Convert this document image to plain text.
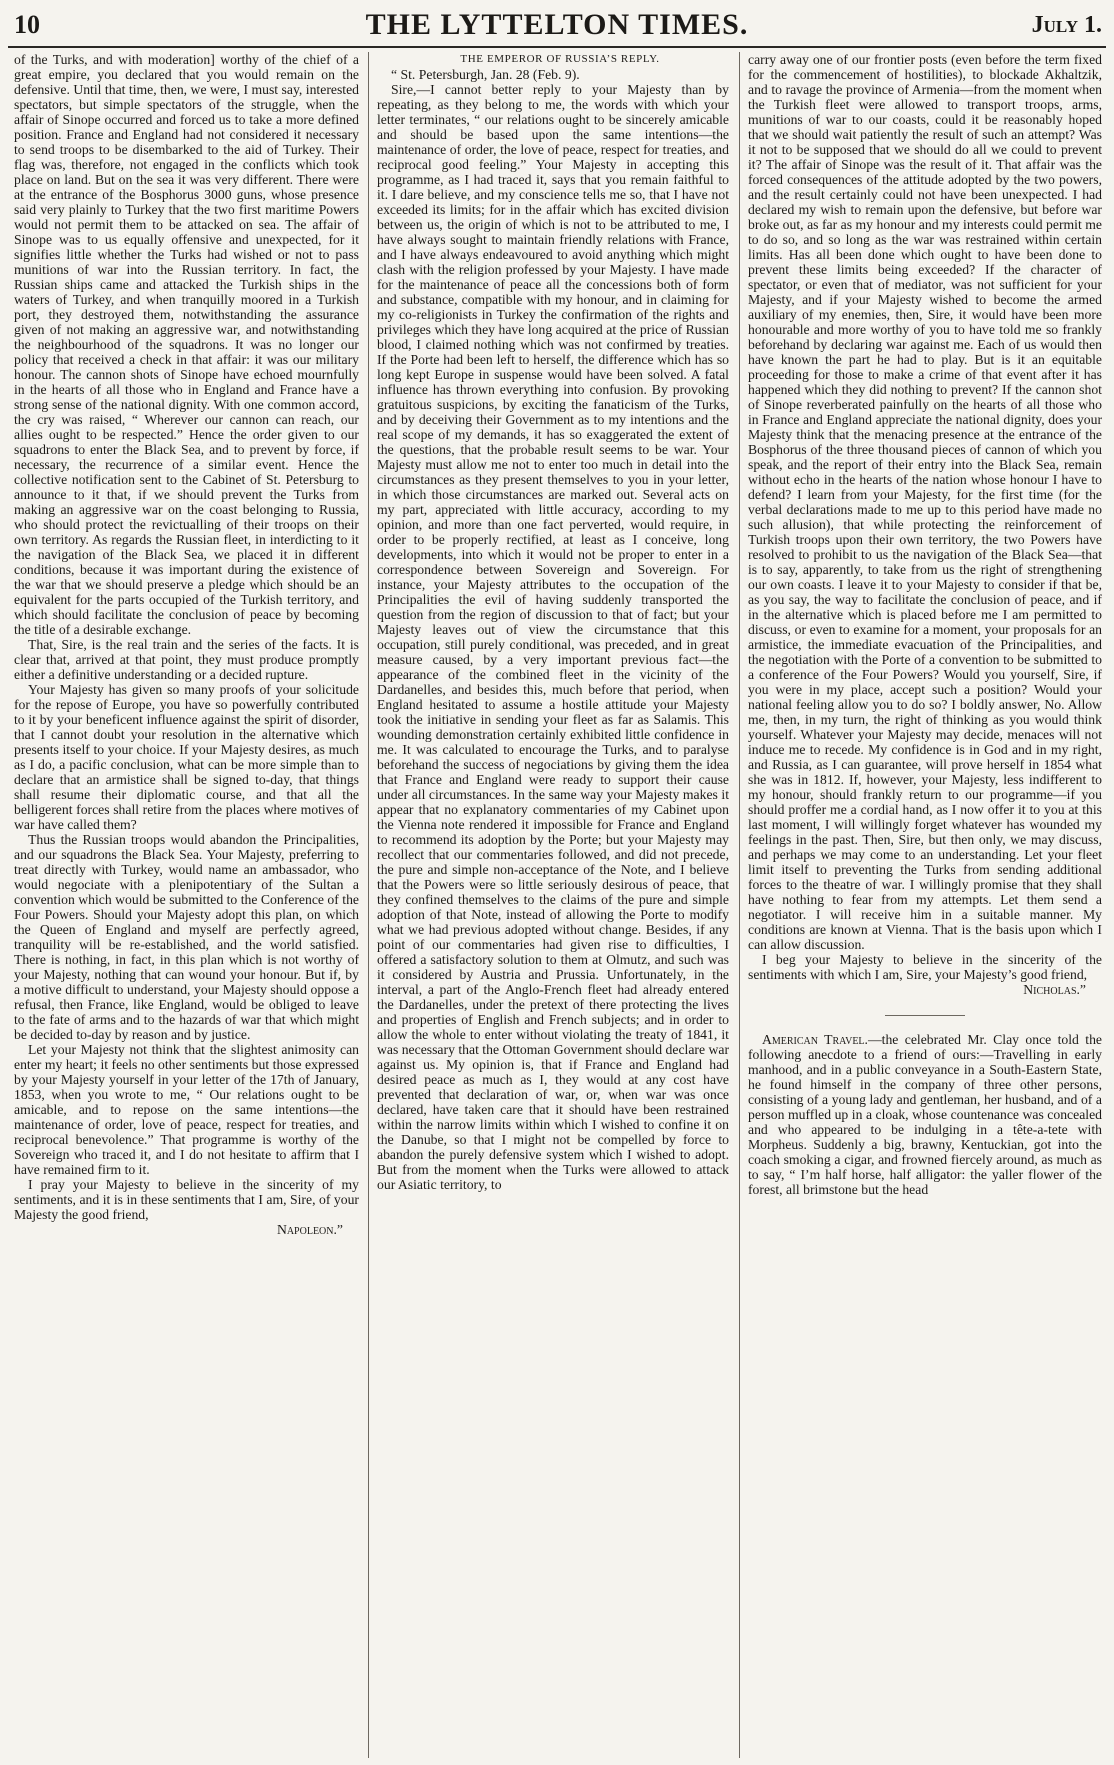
10	THE LYTTELTON TIMES.	July 1.

of the Turks, and with moderation] worthy of the chief of a great empire, you declared that you would remain on the defensive. Until that time, then, we were, I must say, interested spectators, but simple spectators of the struggle, when the affair of Sinope occurred and forced us to take a more defined position. France and England had not considered it necessary to send troops to be disembarked to the aid of Turkey. Their flag was, therefore, not engaged in the conflicts which took place on land. But on the sea it was very different. There were at the entrance of the Bosphorus 3000 guns, whose presence said very plainly to Turkey that the two first maritime Powers would not permit them to be attacked on sea. The affair of Sinope was to us equally offensive and unexpected, for it signifies little whether the Turks had wished or not to pass munitions of war into the Russian territory. In fact, the Russian ships came and attacked the Turkish ships in the waters of Turkey, and when tranquilly moored in a Turkish port, they destroyed them, notwithstanding the assurance given of not making an aggressive war, and notwithstanding the neighbourhood of the squadrons. It was no longer our policy that received a check in that affair: it was our military honour. The cannon shots of Sinope have echoed mournfully in the hearts of all those who in England and France have a strong sense of the national dignity. With one common accord, the cry was raised, “ Wherever our cannon can reach, our allies ought to be respected.” Hence the order given to our squadrons to enter the Black Sea, and to prevent by force, if necessary, the recurrence of a similar event. Hence the collective notification sent to the Cabinet of St. Petersburg to announce to it that, if we should prevent the Turks from making an aggressive war on the coast belonging to Russia, who should protect the revictualling of their troops on their own territory. As regards the Russian fleet, in interdicting to it the navigation of the Black Sea, we placed it in different conditions, because it was important during the existence of the war that we should preserve a pledge which should be an equivalent for the parts occupied of the Turkish territory, and which should facilitate the conclusion of peace by becoming the title of a desirable exchange.

That, Sire, is the real train and the series of the facts. It is clear that, arrived at that point, they must produce promptly either a definitive understanding or a decided rupture.

Your Majesty has given so many proofs of your solicitude for the repose of Europe, you have so powerfully contributed to it by your beneficent influence against the spirit of disorder, that I cannot doubt your resolution in the alternative which presents itself to your choice. If your Majesty desires, as much as I do, a pacific conclusion, what can be more simple than to declare that an armistice shall be signed to-day, that things shall resume their diplomatic course, and that all the belligerent forces shall retire from the places where motives of war have called them?

Thus the Russian troops would abandon the Principalities, and our squadrons the Black Sea. Your Majesty, preferring to treat directly with Turkey, would name an ambassador, who would negociate with a plenipotentiary of the Sultan a convention which would be submitted to the Conference of the Four Powers. Should your Majesty adopt this plan, on which the Queen of England and myself are perfectly agreed, tranquility will be re-established, and the world satisfied. There is nothing, in fact, in this plan which is not worthy of your Majesty, nothing that can wound your honour. But if, by a motive difficult to understand, your Majesty should oppose a refusal, then France, like England, would be obliged to leave to the fate of arms and to the hazards of war that which might be decided to-day by reason and by justice.

Let your Majesty not think that the slightest animosity can enter my heart; it feels no other sentiments but those expressed by your Majesty yourself in your letter of the 17th of January, 1853, when you wrote to me, “ Our relations ought to be amicable, and to repose on the same intentions—the maintenance of order, love of peace, respect for treaties, and reciprocal benevolence.” That programme is worthy of the Sovereign who traced it, and I do not hesitate to affirm that I have remained firm to it.

I pray your Majesty to believe in the sincerity of my sentiments, and it is in these sentiments that I am, Sire, of your Majesty the good friend,

Napoleon.”

THE EMPEROR OF RUSSIA’S REPLY.

“ St. Petersburgh, Jan. 28 (Feb. 9).

Sire,—I cannot better reply to your Majesty than by repeating, as they belong to me, the words with which your letter terminates, “ our relations ought to be sincerely amicable and should be based upon the same intentions—the maintenance of order, the love of peace, respect for treaties, and reciprocal good feeling.” Your Majesty in accepting this programme, as I had traced it, says that you remain faithful to it. I dare believe, and my conscience tells me so, that I have not exceeded its limits; for in the affair which has excited division between us, the origin of which is not to be attributed to me, I have always sought to maintain friendly relations with France, and I have always endeavoured to avoid anything which might clash with the religion professed by your Majesty. I have made for the maintenance of peace all the concessions both of form and substance, compatible with my honour, and in claiming for my co-religionists in Turkey the confirmation of the rights and privileges which they have long acquired at the price of Russian blood, I claimed nothing which was not confirmed by treaties. If the Porte had been left to herself, the difference which has so long kept Europe in suspense would have been solved. A fatal influence has thrown everything into confusion. By provoking gratuitous suspicions, by exciting the fanaticism of the Turks, and by deceiving their Government as to my intentions and the real scope of my demands, it has so exaggerated the extent of the questions, that the probable result seems to be war. Your Majesty must allow me not to enter too much in detail into the circumstances as they present themselves to you in your letter, in which those circumstances are marked out. Several acts on my part, appreciated with little accuracy, according to my opinion, and more than one fact perverted, would require, in order to be properly rectified, at least as I conceive, long developments, into which it would not be proper to enter in a correspondence between Sovereign and Sovereign. For instance, your Majesty attributes to the occupation of the Principalities the evil of having suddenly transported the question from the region of discussion to that of fact; but your Majesty leaves out of view the circumstance that this occupation, still purely conditional, was preceded, and in great measure caused, by a very important previous fact—the appearance of the combined fleet in the vicinity of the Dardanelles, and besides this, much before that period, when England hesitated to assume a hostile attitude your Majesty took the initiative in sending your fleet as far as Salamis. This wounding demonstration certainly exhibited little confidence in me. It was calculated to encourage the Turks, and to paralyse beforehand the success of negociations by giving them the idea that France and England were ready to support their cause under all circumstances. In the same way your Majesty makes it appear that no explanatory commentaries of my Cabinet upon the Vienna note rendered it impossible for France and England to recommend its adoption by the Porte; but your Majesty may recollect that our commentaries followed, and did not precede, the pure and simple non-acceptance of the Note, and I believe that the Powers were so little seriously desirous of peace, that they confined themselves to the claims of the pure and simple adoption of that Note, instead of allowing the Porte to modify what we had previous adopted without change. Besides, if any point of our commentaries had given rise to difficulties, I offered a satisfactory solution to them at Olmutz, and such was it considered by Austria and Prussia. Unfortunately, in the interval, a part of the Anglo-French fleet had already entered the Dardanelles, under the pretext of there protecting the lives and properties of English and French subjects; and in order to allow the whole to enter without violating the treaty of 1841, it was necessary that the Ottoman Government should declare war against us. My opinion is, that if France and England had desired peace as much as I, they would at any cost have prevented that declaration of war, or, when war was once declared, have taken care that it should have been restrained within the narrow limits within which I wished to confine it on the Danube, so that I might not be compelled by force to abandon the purely defensive system which I wished to adopt. But from the moment when the Turks were allowed to attack our Asiatic territory, to

carry away one of our frontier posts (even before the term fixed for the commencement of hostilities), to blockade Akhaltzik, and to ravage the province of Armenia—from the moment when the Turkish fleet were allowed to transport troops, arms, munitions of war to our coasts, could it be reasonably hoped that we should wait patiently the result of such an attempt? Was it not to be supposed that we should do all we could to prevent it? The affair of Sinope was the result of it. That affair was the forced consequences of the attitude adopted by the two powers, and the result certainly could not have been unexpected. I had declared my wish to remain upon the defensive, but before war broke out, as far as my honour and my interests could permit me to do so, and so long as the war was restrained within certain limits. Has all been done which ought to have been done to prevent these limits being exceeded? If the character of spectator, or even that of mediator, was not sufficient for your Majesty, and if your Majesty wished to become the armed auxiliary of my enemies, then, Sire, it would have been more honourable and more worthy of you to have told me so frankly beforehand by declaring war against me. Each of us would then have known the part he had to play. But is it an equitable proceeding for those to make a crime of that event after it has happened which they did nothing to prevent? If the cannon shot of Sinope reverberated painfully on the hearts of all those who in France and England appreciate the national dignity, does your Majesty think that the menacing presence at the entrance of the Bosphorus of the three thousand pieces of cannon of which you speak, and the report of their entry into the Black Sea, remain without echo in the hearts of the nation whose honour I have to defend? I learn from your Majesty, for the first time (for the verbal declarations made to me up to this period have made no such allusion), that while protecting the reinforcement of Turkish troops upon their own territory, the two Powers have resolved to prohibit to us the navigation of the Black Sea—that is to say, apparently, to take from us the right of strengthening our own coasts. I leave it to your Majesty to consider if that be, as you say, the way to facilitate the conclusion of peace, and if in the alternative which is placed before me I am permitted to discuss, or even to examine for a moment, your proposals for an armistice, the immediate evacuation of the Principalities, and the negotiation with the Porte of a convention to be submitted to a conference of the Four Powers? Would you yourself, Sire, if you were in my place, accept such a position? Would your national feeling allow you to do so? I boldly answer, No. Allow me, then, in my turn, the right of thinking as you would think yourself. Whatever your Majesty may decide, menaces will not induce me to recede. My confidence is in God and in my right, and Russia, as I can guarantee, will prove herself in 1854 what she was in 1812. If, however, your Majesty, less indifferent to my honour, should frankly return to our programme—if you should proffer me a cordial hand, as I now offer it to you at this last moment, I will willingly forget whatever has wounded my feelings in the past. Then, Sire, but then only, we may discuss, and perhaps we may come to an understanding. Let your fleet limit itself to preventing the Turks from sending additional forces to the theatre of war. I willingly promise that they shall have nothing to fear from my attempts. Let them send a negotiator. I will receive him in a suitable manner. My conditions are known at Vienna. That is the basis upon which I can allow discussion.

I beg your Majesty to believe in the sincerity of the sentiments with which I am, Sire, your Majesty’s good friend,

Nicholas.”

American Travel.—the celebrated Mr. Clay once told the following anecdote to a friend of ours:—Travelling in early manhood, and in a public conveyance in a South-Eastern State, he found himself in the company of three other persons, consisting of a young lady and gentleman, her husband, and of a person muffled up in a cloak, whose countenance was concealed and who appeared to be indulging in a tête-a-tete with Morpheus. Suddenly a big, brawny, Kentuckian, got into the coach smoking a cigar, and frowned fiercely around, as much as to say, “ I’m half horse, half alligator: the yaller flower of the forest, all brimstone but the head
